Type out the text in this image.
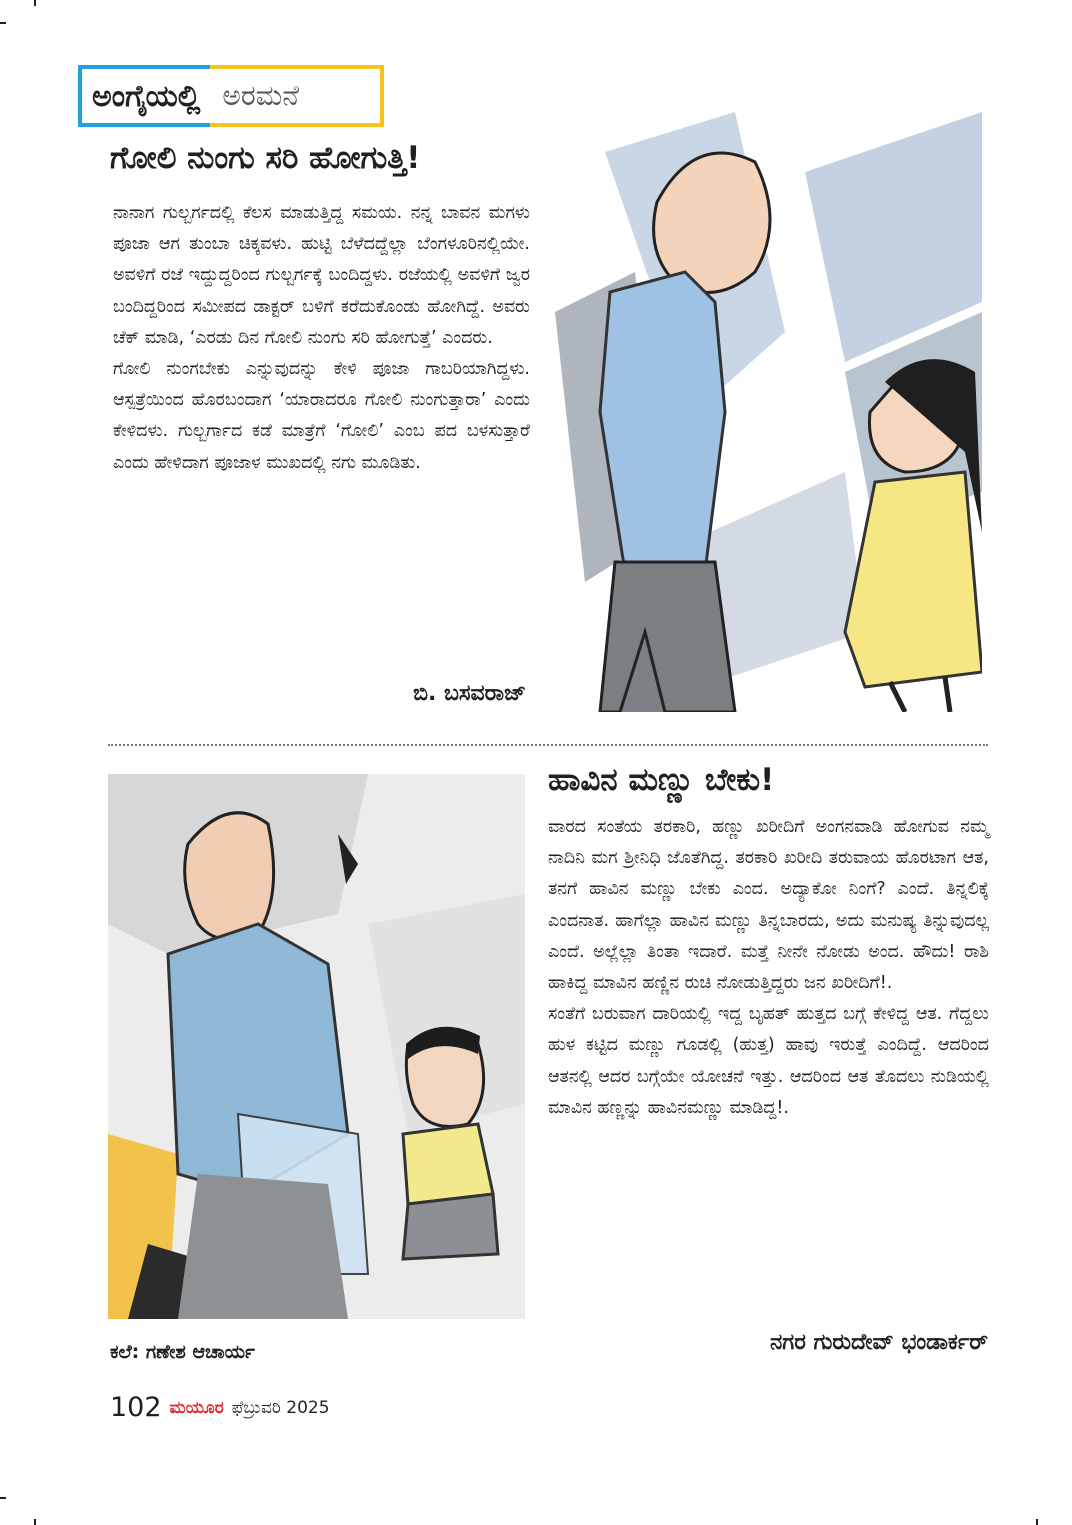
ಅಂಗೈಯಲ್ಲಿ ಅರಮನೆ
ಗೋಲಿ ನುಂಗು ಸರಿ ಹೋಗುತ್ತಿ!

ನಾನಾಗ ಗುಲ್ಬರ್ಗದಲ್ಲಿ ಕೆಲಸ ಮಾಡುತ್ತಿದ್ದ ಸಮಯ. ನನ್ನ ಬಾವನ ಮಗಳು ಪೂಜಾ ಆಗ ತುಂಬಾ ಚಿಕ್ಕವಳು. ಹುಟ್ಟಿ ಬೆಳೆದದ್ದೆಲ್ಲಾ ಬೆಂಗಳೂರಿನಲ್ಲಿಯೇ. ಅವಳಿಗೆ ರಜೆ ಇದ್ದುದ್ದರಿಂದ ಗುಲ್ಬರ್ಗಕ್ಕೆ ಬಂದಿದ್ದಳು. ರಜೆಯಲ್ಲಿ ಅವಳಿಗೆ ಜ್ವರ ಬಂದಿದ್ದರಿಂದ ಸಮೀಪದ ಡಾಕ್ಟರ್ ಬಳಿಗೆ ಕರೆದುಕೊಂಡು ಹೋಗಿದ್ದೆ. ಅವರು ಚೆಕ್ ಮಾಡಿ, ‘ಎರಡು ದಿನ ಗೋಲಿ ನುಂಗು ಸರಿ ಹೋಗುತ್ತೆ’ ಎಂದರು.

ಗೋಲಿ ನುಂಗಬೇಕು ಎನ್ನುವುದನ್ನು ಕೇಳಿ ಪೂಜಾ ಗಾಬರಿಯಾಗಿದ್ದಳು. ಆಸ್ಪತ್ರೆಯಿಂದ ಹೊರಬಂದಾಗ ‘ಯಾರಾದರೂ ಗೋಲಿ ನುಂಗುತ್ತಾರಾ’ ಎಂದು ಕೇಳಿದಳು. ಗುಲ್ಬರ್ಗಾದ ಕಡೆ ಮಾತ್ರೆಗೆ ‘ಗೋಲಿ’ ಎಂಬ ಪದ ಬಳಸುತ್ತಾರೆ ಎಂದು ಹೇಳಿದಾಗ ಪೂಜಾಳ ಮುಖದಲ್ಲಿ ನಗು ಮೂಡಿತು.

ಬಿ. ಬಸವರಾಜ್
ಹಾವಿನ ಮಣ್ಣು ಬೇಕು!

ವಾರದ ಸಂತೆಯ ತರಕಾರಿ, ಹಣ್ಣು ಖರೀದಿಗೆ ಅಂಗನವಾಡಿ ಹೋಗುವ ನಮ್ಮ ನಾದಿನಿ ಮಗ ಶ್ರೀನಿಧಿ ಜೊತೆಗಿದ್ದ. ತರಕಾರಿ ಖರೀದಿ ತರುವಾಯ ಹೊರಟಾಗ ಆತ, ತನಗೆ ಹಾವಿನ ಮಣ್ಣು ಬೇಕು ಎಂದ. ಅದ್ಯಾಕೋ ನಿಂಗೆ? ಎಂದೆ. ತಿನ್ನಲಿಕ್ಕೆ ಎಂದನಾತ. ಹಾಗೆಲ್ಲಾ ಹಾವಿನ ಮಣ್ಣು ತಿನ್ನಬಾರದು, ಅದು ಮನುಷ್ಯ ತಿನ್ನುವುದಲ್ಲ ಎಂದೆ. ಅಲ್ಲೆಲ್ಲಾ ತಿಂತಾ ಇದಾರೆ. ಮತ್ತೆ ನೀನೇ ನೋಡು ಅಂದ. ಹೌದು! ರಾಶಿ ಹಾಕಿದ್ದ ಮಾವಿನ ಹಣ್ಣಿನ ರುಚಿ ನೋಡುತ್ತಿದ್ದರು ಜನ ಖರೀದಿಗೆ!.

ಸಂತೆಗೆ ಬರುವಾಗ ದಾರಿಯಲ್ಲಿ ಇದ್ದ ಬೃಹತ್ ಹುತ್ತದ ಬಗ್ಗೆ ಕೇಳಿದ್ದ ಆತ. ಗೆದ್ದಲು ಹುಳ ಕಟ್ಟಿದ ಮಣ್ಣು ಗೂಡಲ್ಲಿ (ಹುತ್ತ) ಹಾವು ಇರುತ್ತೆ ಎಂದಿದ್ದೆ. ಆದರಿಂದ ಆತನಲ್ಲಿ ಆದರ ಬಗ್ಗೆಯೇ ಯೋಚನೆ ಇತ್ತು. ಆದರಿಂದ ಆತ ತೊದಲು ನುಡಿಯಲ್ಲಿ ಮಾವಿನ ಹಣ್ಣನ್ನು ಹಾವಿನಮಣ್ಣು ಮಾಡಿದ್ದ!.

ನಗರ ಗುರುದೇವ್ ಭಂಡಾರ್ಕರ್
ಕಲೆ: ಗಣೇಶ ಆಚಾರ್ಯ
102 ಮಯೂರ ಫೆಬ್ರುವರಿ 2025
